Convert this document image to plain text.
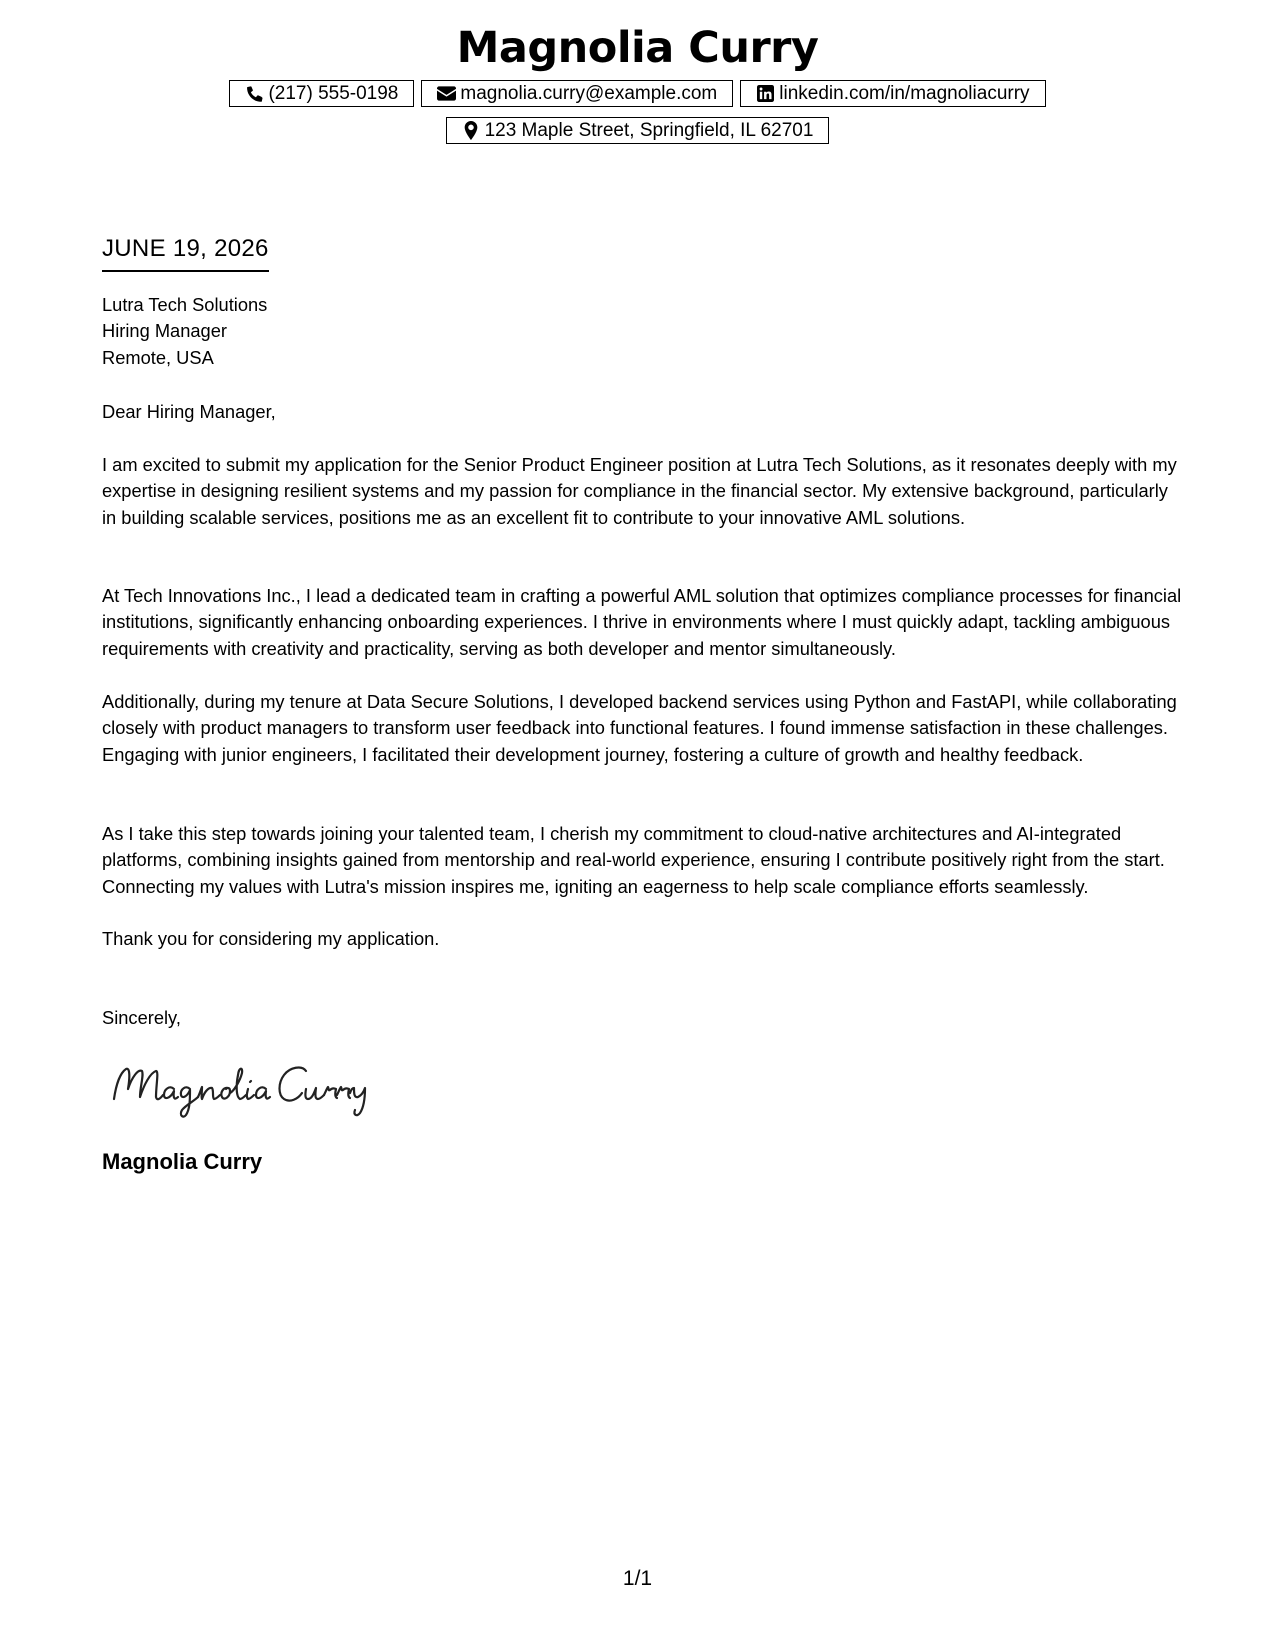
Magnolia Curry
(217) 555-0198	magnolia.curry@example.com	linkedin.com/in/magnoliacurry
123 Maple Street, Springfield, IL 62701
JUNE 19, 2026
Lutra Tech Solutions
Hiring Manager
Remote, USA
Dear Hiring Manager,
I am excited to submit my application for the Senior Product Engineer position at Lutra Tech Solutions, as it resonates deeply with my expertise in designing resilient systems and my passion for compliance in the financial sector. My extensive background, particularly in building scalable services, positions me as an excellent fit to contribute to your innovative AML solutions.
At Tech Innovations Inc., I lead a dedicated team in crafting a powerful AML solution that optimizes compliance processes for financial institutions, significantly enhancing onboarding experiences. I thrive in environments where I must quickly adapt, tackling ambiguous requirements with creativity and practicality, serving as both developer and mentor simultaneously.
Additionally, during my tenure at Data Secure Solutions, I developed backend services using Python and FastAPI, while collaborating closely with product managers to transform user feedback into functional features. I found immense satisfaction in these challenges. Engaging with junior engineers, I facilitated their development journey, fostering a culture of growth and healthy feedback.
As I take this step towards joining your talented team, I cherish my commitment to cloud-native architectures and AI-integrated platforms, combining insights gained from mentorship and real-world experience, ensuring I contribute positively right from the start. Connecting my values with Lutra's mission inspires me, igniting an eagerness to help scale compliance efforts seamlessly.
Thank you for considering my application.
Sincerely,
Magnolia Curry
1/1
